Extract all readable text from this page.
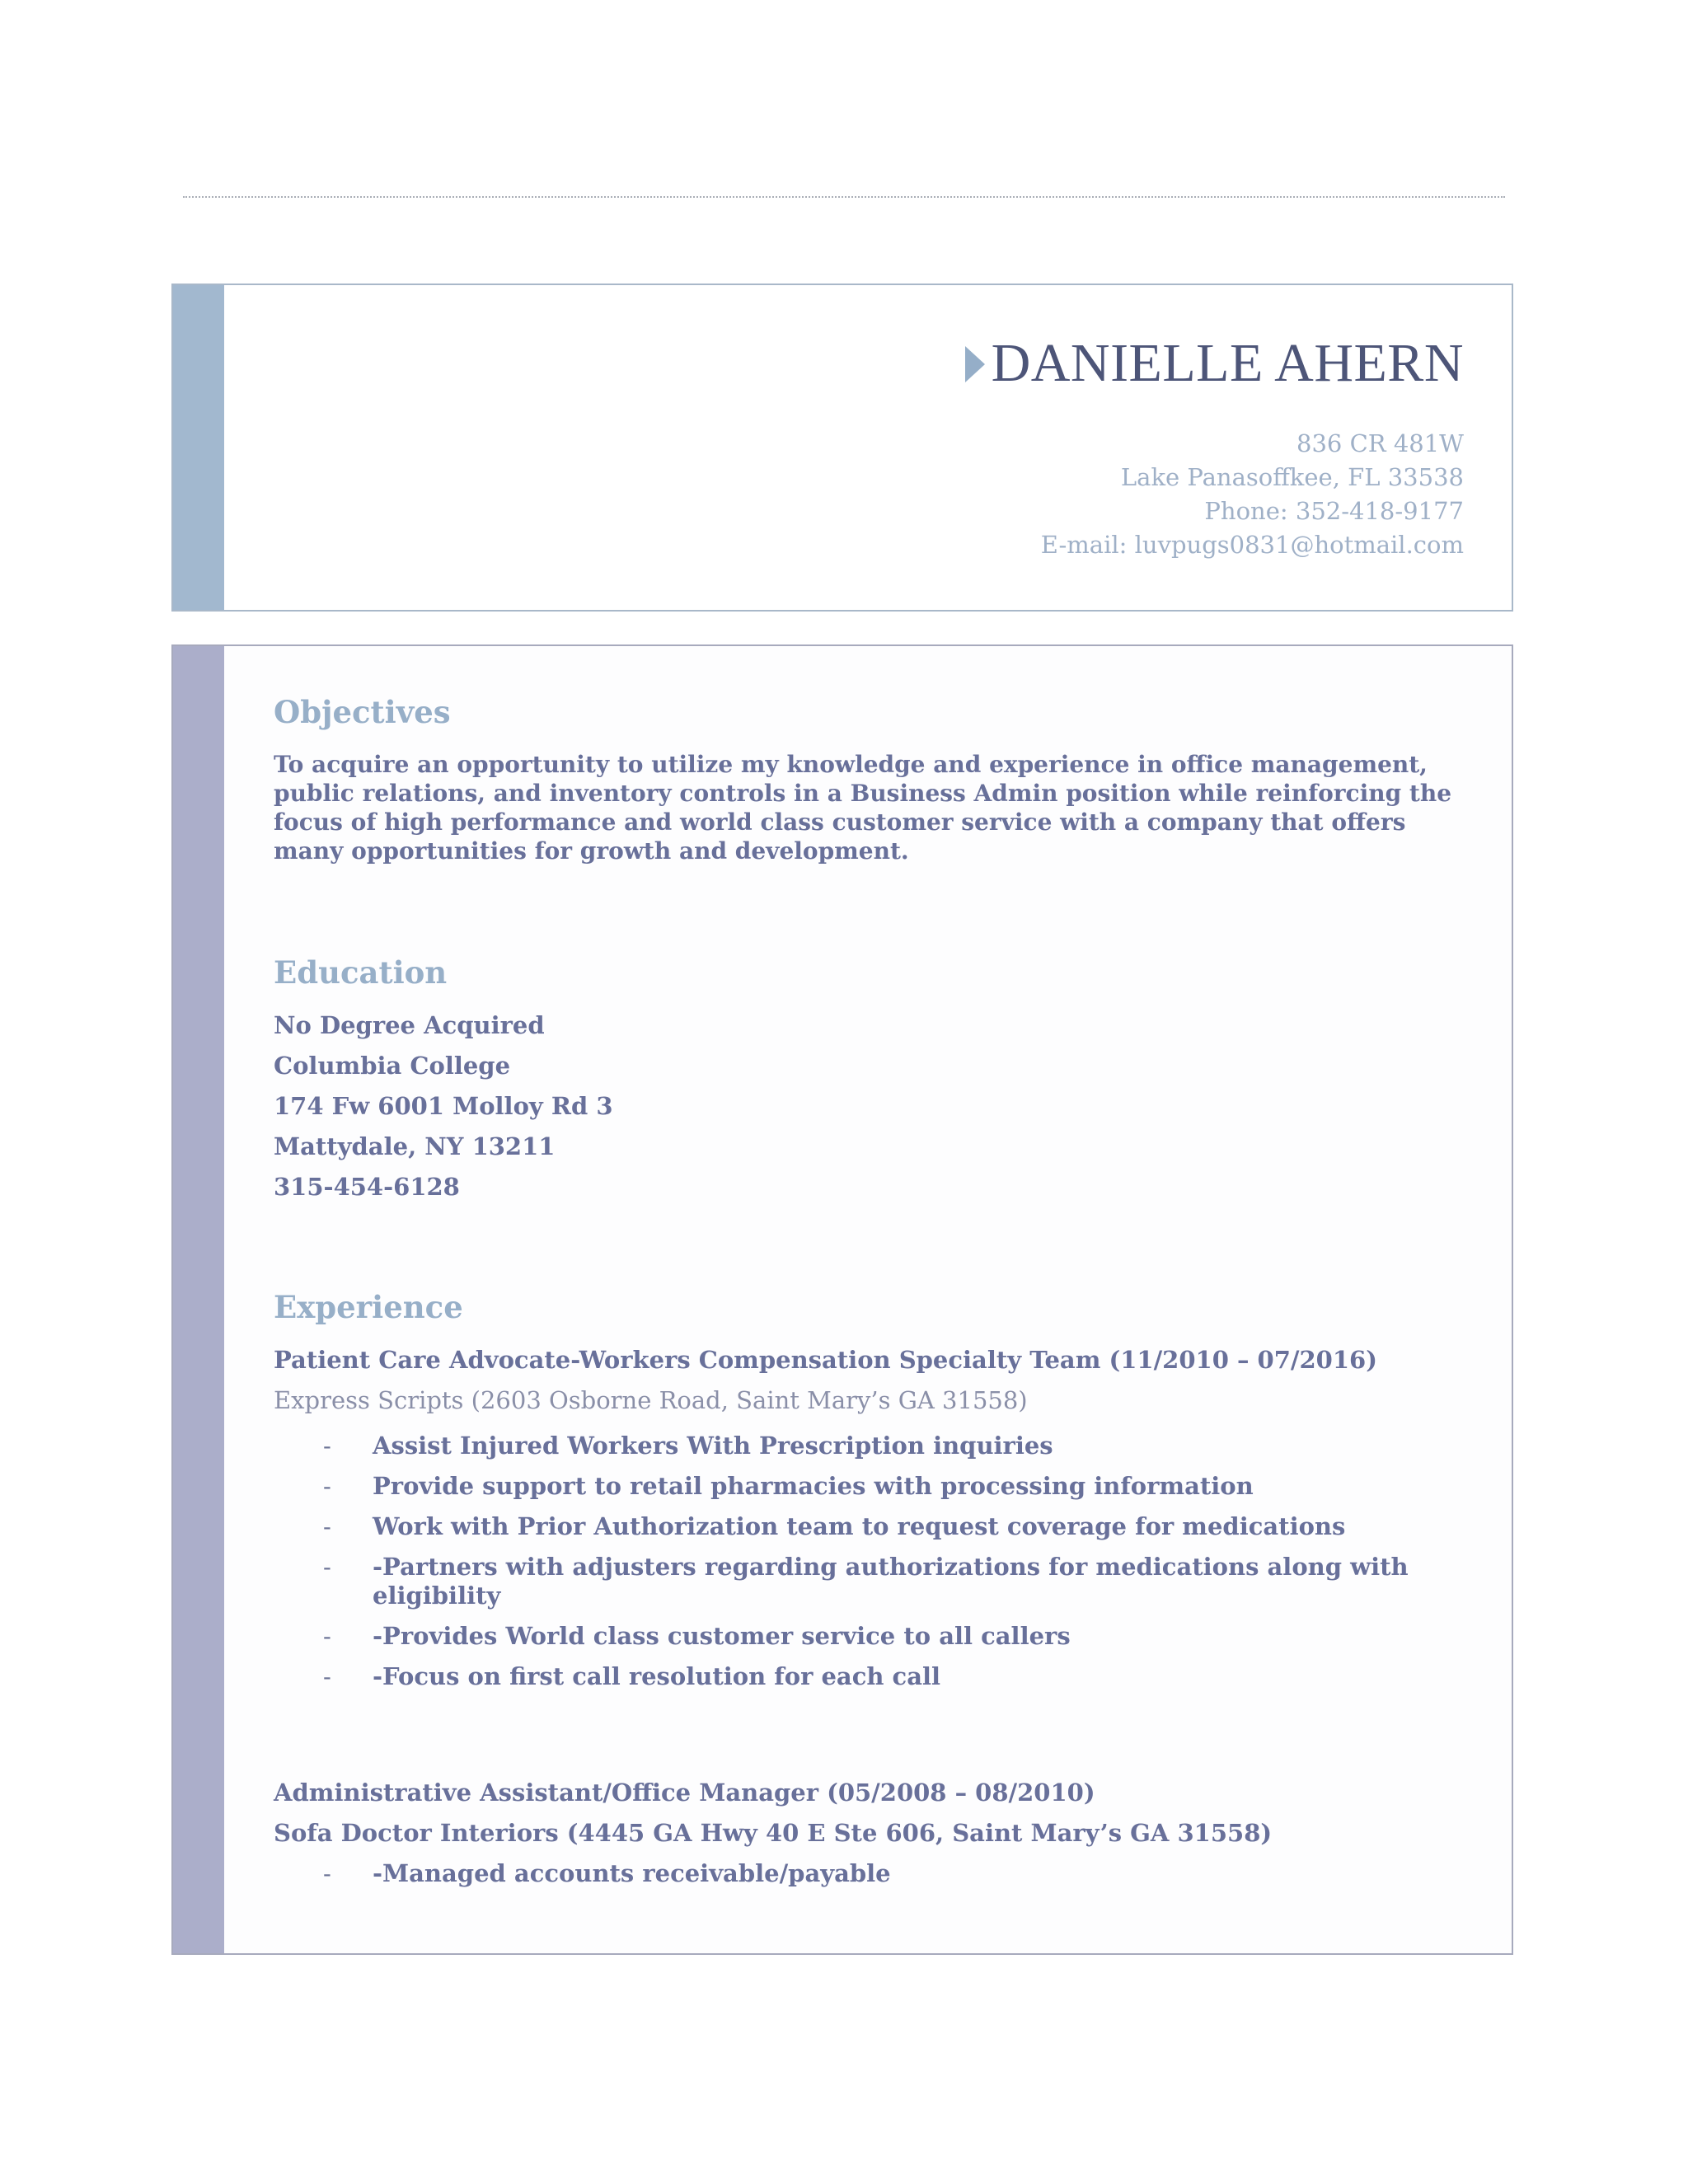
DANIELLE AHERN
836 CR 481W
Lake Panasoffkee, FL 33538
Phone: 352-418-9177
E-mail: luvpugs0831@hotmail.com
Objectives
To acquire an opportunity to utilize my knowledge and experience in office management, public relations, and inventory controls in a Business Admin position while reinforcing the focus of high performance and world class customer service with a company that offers many opportunities for growth and development.
Education
No Degree Acquired
Columbia College
174 Fw 6001 Molloy Rd 3
Mattydale, NY 13211
315-454-6128
Experience
Patient Care Advocate-Workers Compensation Specialty Team (11/2010 – 07/2016)
Express Scripts (2603 Osborne Road, Saint Mary’s GA 31558)
-	Assist Injured Workers With Prescription inquiries
-	Provide support to retail pharmacies with processing information
-	Work with Prior Authorization team to request coverage for medications
-	-Partners with adjusters regarding authorizations for medications along with eligibility
-	-Provides World class customer service to all callers
-	-Focus on first call resolution for each call
Administrative Assistant/Office Manager (05/2008 – 08/2010)
Sofa Doctor Interiors (4445 GA Hwy 40 E Ste 606, Saint Mary’s GA 31558)
-	-Managed accounts receivable/payable
